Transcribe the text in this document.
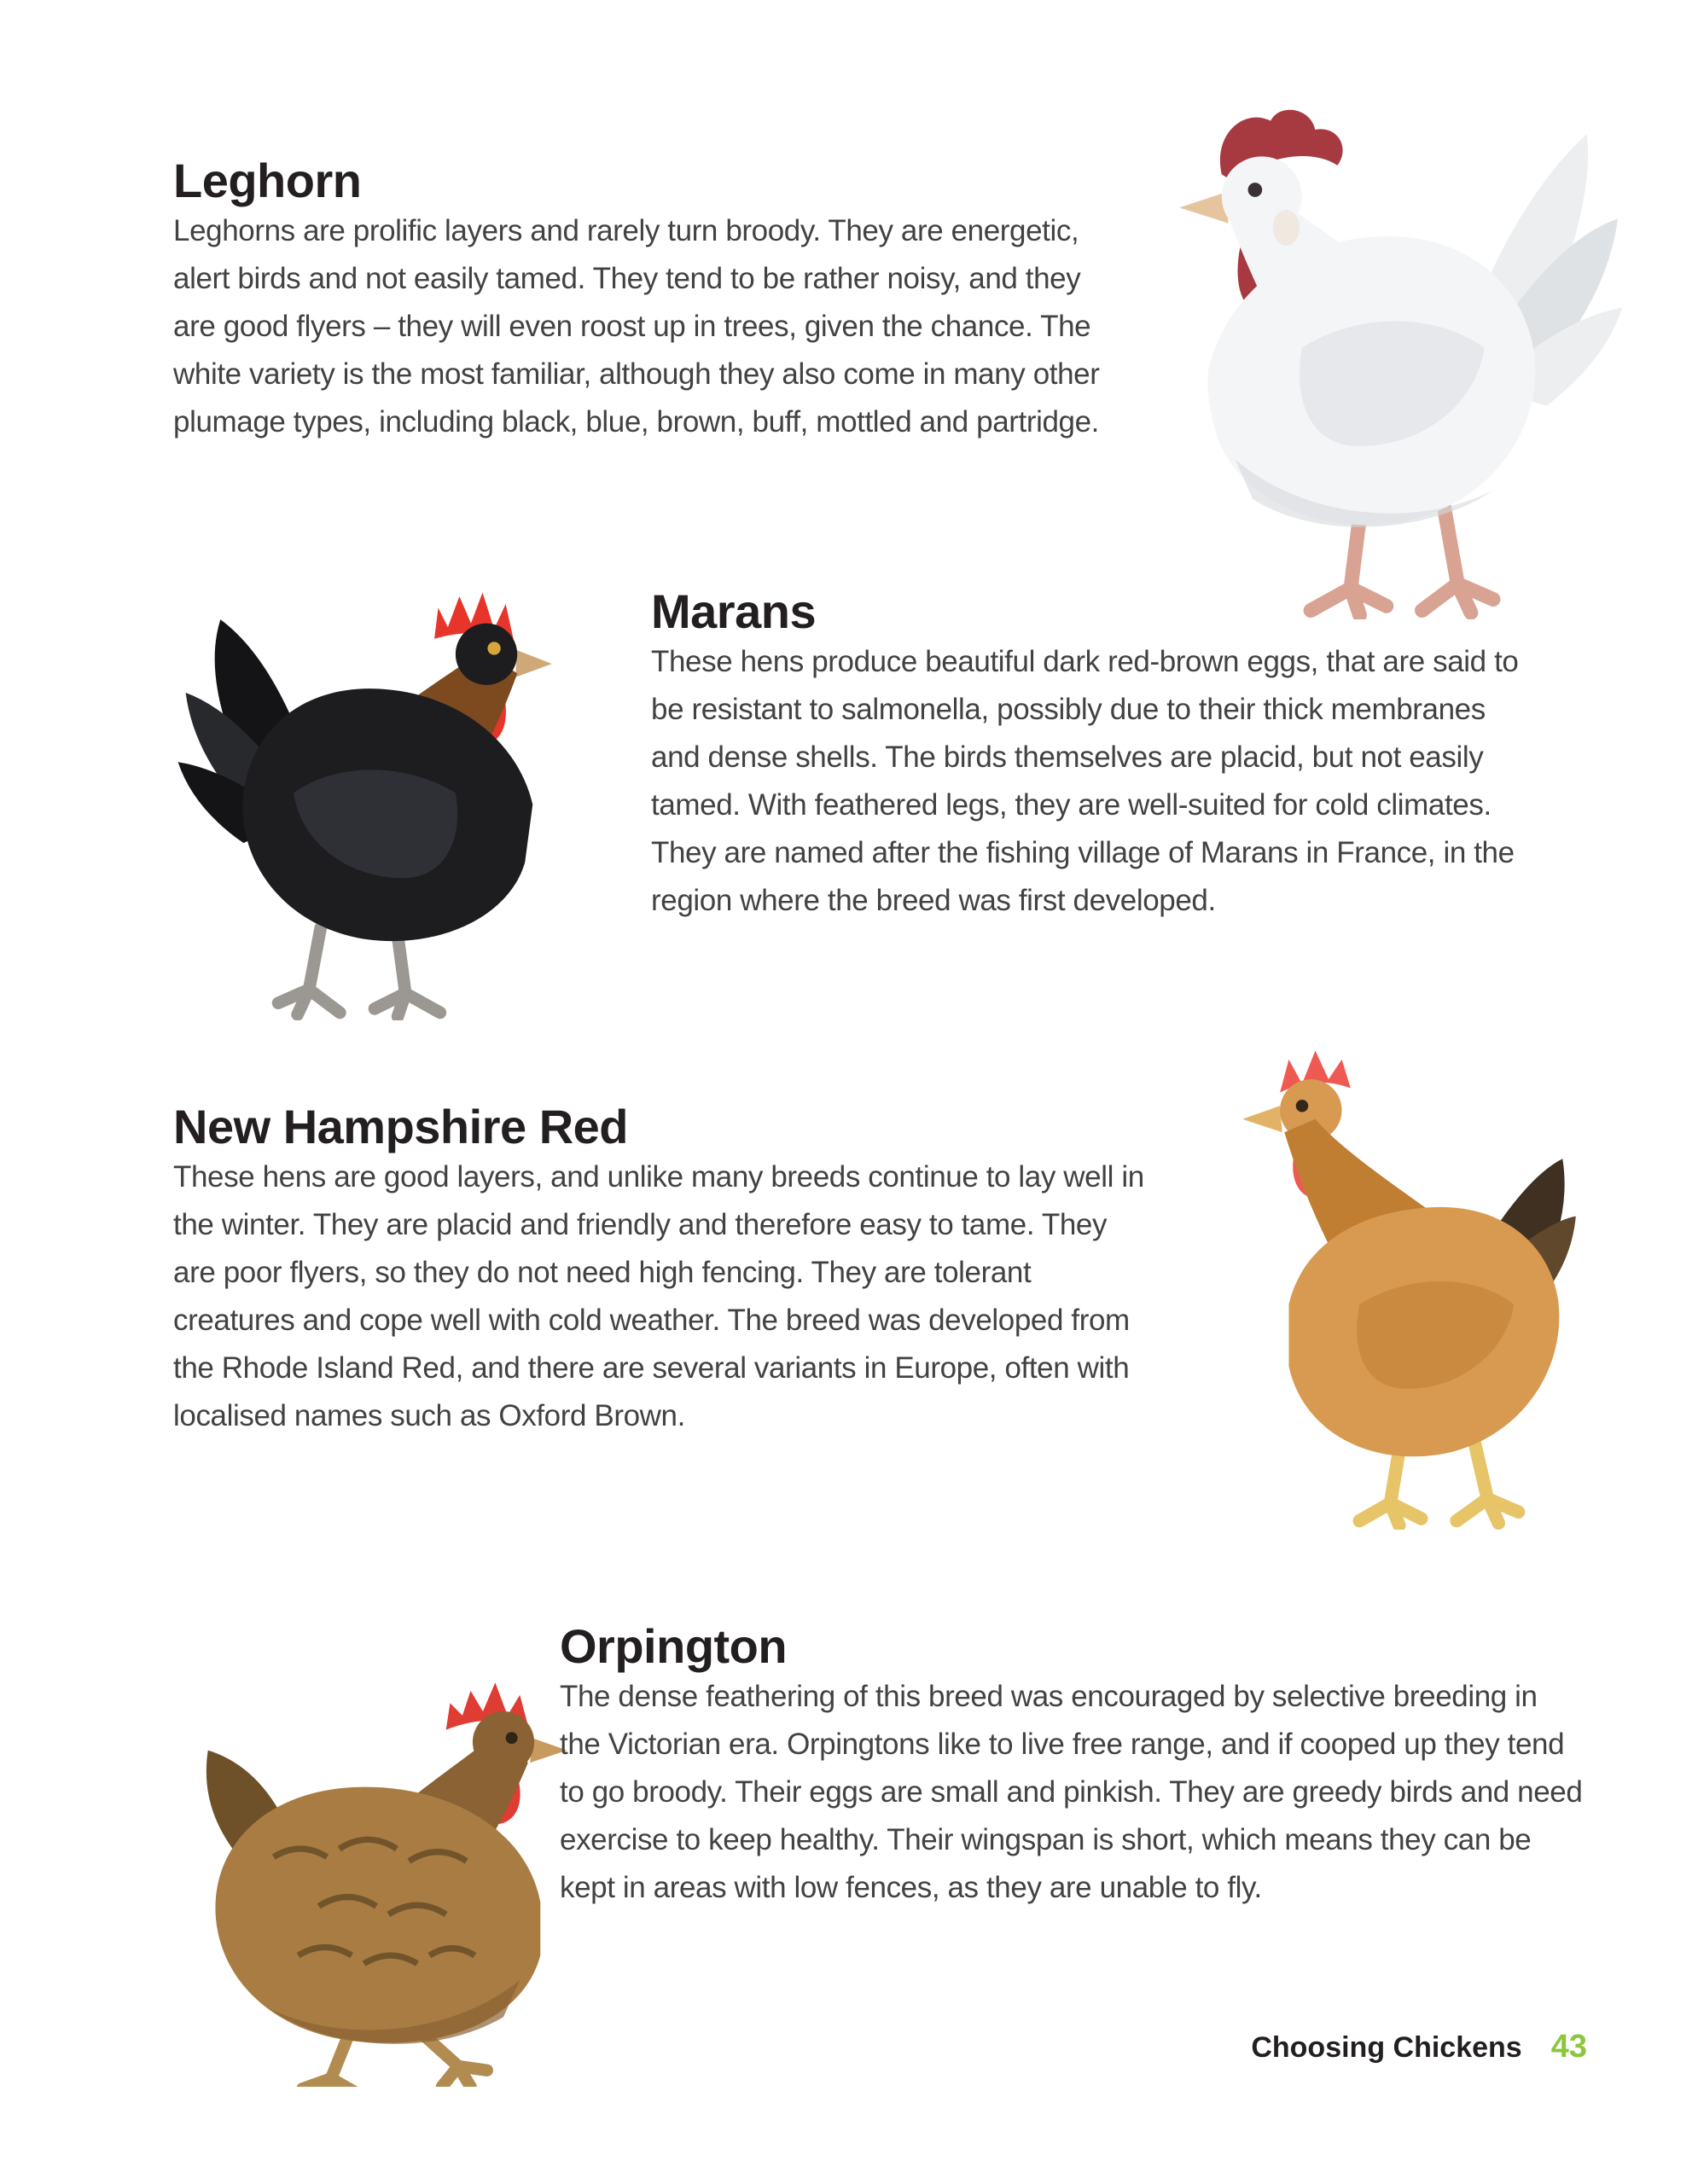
Leghorn

Leghorns are prolific layers and rarely turn broody. They are energetic, alert birds and not easily tamed. They tend to be rather noisy, and they are good flyers – they will even roost up in trees, given the chance. The white variety is the most familiar, although they also come in many other plumage types, including black, blue, brown, buff, mottled and partridge.

Marans

These hens produce beautiful dark red-brown eggs, that are said to be resistant to salmonella, possibly due to their thick membranes and dense shells. The birds themselves are placid, but not easily tamed. With feathered legs, they are well-suited for cold climates. They are named after the fishing village of Marans in France, in the region where the breed was first developed.

New Hampshire Red

These hens are good layers, and unlike many breeds continue to lay well in the winter. They are placid and friendly and therefore easy to tame. They are poor flyers, so they do not need high fencing. They are tolerant creatures and cope well with cold weather. The breed was developed from the Rhode Island Red, and there are several variants in Europe, often with localised names such as Oxford Brown.

Orpington

The dense feathering of this breed was encouraged by selective breeding in the Victorian era. Orpingtons like to live free range, and if cooped up they tend to go broody. Their eggs are small and pinkish. They are greedy birds and need exercise to keep healthy. Their wingspan is short, which means they can be kept in areas with low fences, as they are unable to fly.

Choosing Chickens 43
